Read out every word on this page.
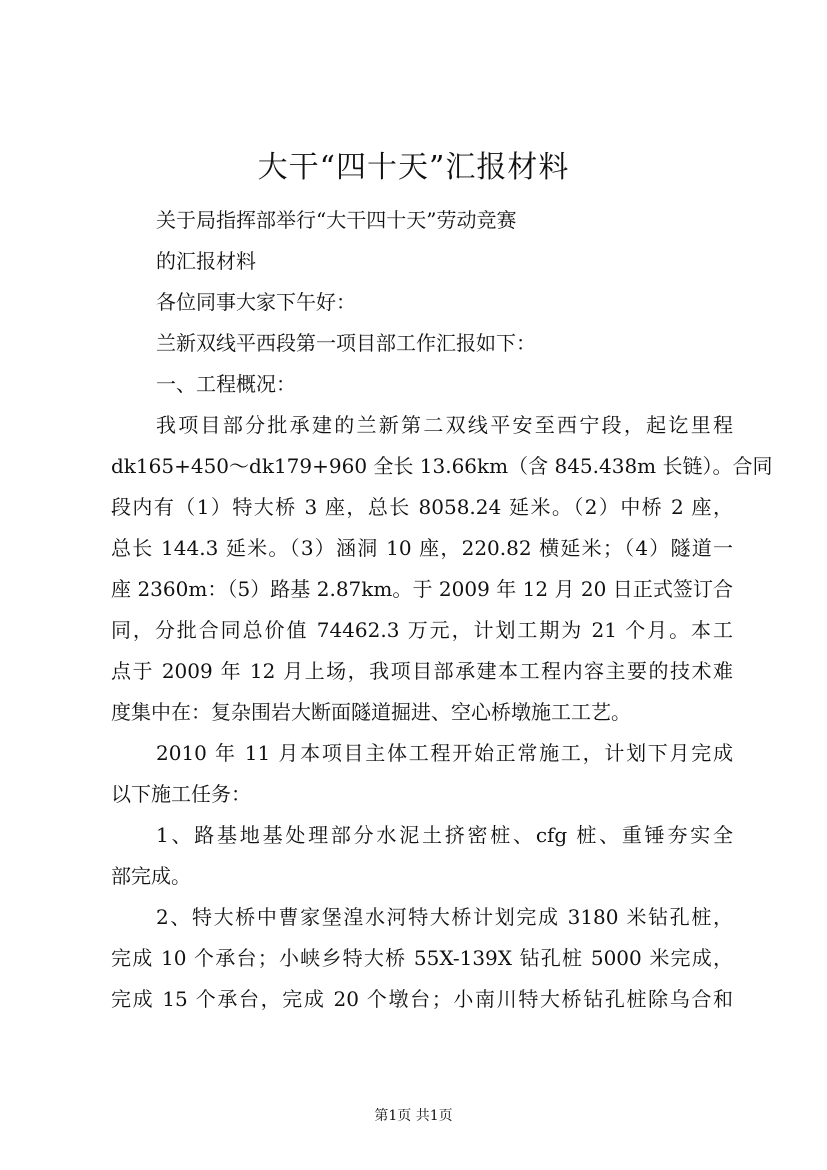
大干“四十天”汇报材料

关于局指挥部举行“大干四十天”劳动竞赛

的汇报材料

各位同事大家下午好：

兰新双线平西段第一项目部工作汇报如下：

一、工程概况：

我项目部分批承建的兰新第二双线平安至西宁段，起讫里程

dk165+450～dk179+960 全长 13.66km（含 845.438m 长链）。合同

段内有（1）特大桥 3 座，总长 8058.24 延米。（2）中桥 2 座，

总长 144.3 延米。（3）涵洞 10 座，220.82 横延米；（4）隧道一

座 2360m：（5）路基 2.87km。于 2009 年 12 月 20 日正式签订合

同，分批合同总价值 74462.3 万元，计划工期为 21 个月。本工

点于 2009 年 12 月上场，我项目部承建本工程内容主要的技术难

度集中在：复杂围岩大断面隧道掘进、空心桥墩施工工艺。

2010 年 11 月本项目主体工程开始正常施工，计划下月完成

以下施工任务：

1、路基地基处理部分水泥土挤密桩、cfg 桩、重锤夯实全

部完成。

2、特大桥中曹家堡湟水河特大桥计划完成 3180 米钻孔桩，

完成 10 个承台；小峡乡特大桥 55X-139X 钻孔桩 5000 米完成，

完成 15 个承台，完成 20 个墩台；小南川特大桥钻孔桩除乌合和

第1页 共1页
